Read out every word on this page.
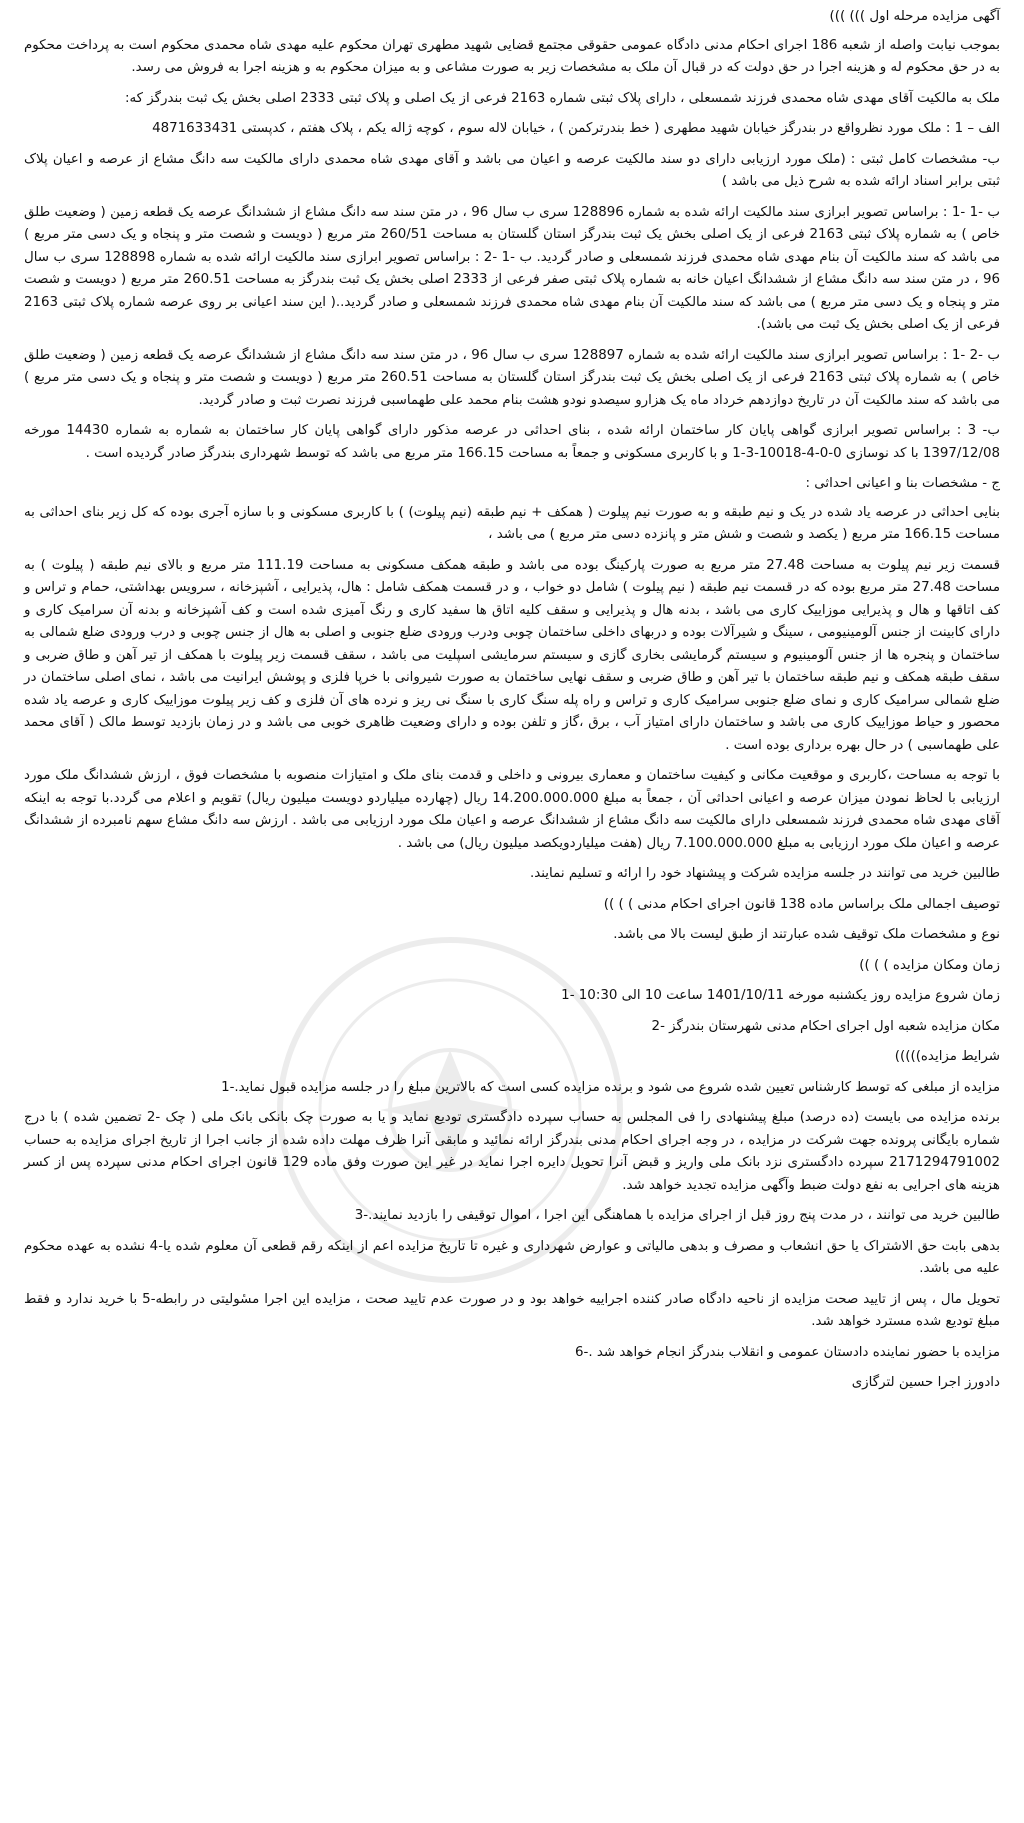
آگهی مزایده مرحله اول ))) )))

بموجب نیابت واصله از شعبه 186 اجرای احکام مدنی دادگاه عمومی حقوقی مجتمع قضایی شهید مطهری تهران محکوم علیه مهدی شاه محمدی محکوم است به پرداخت محکوم به در حق محکوم له و هزینه اجرا در حق دولت که در قبال آن ملک به مشخصات زیر به صورت مشاعی و به میزان محکوم به و هزینه اجرا به فروش می رسد.

ملک به مالکیت آقای مهدی شاه محمدی فرزند شمسعلی ، دارای پلاک ثبتی شماره 2163 فرعی از یک اصلی و پلاک ثبتی 2333 اصلی بخش یک ثبت بندرگز که:

الف – 1 : ملک مورد نظرواقع در بندرگز خیابان شهید مطهری ( خط بندرترکمن ) ، خیابان لاله سوم ، کوچه ژاله یکم ، پلاک هفتم ، کدپستی 4871633431

ب- مشخصات کامل ثبتی : (ملک مورد ارزیابی دارای دو سند مالکیت عرصه و اعیان می باشد و آقای مهدی شاه محمدی دارای مالکیت سه دانگ مشاع از عرصه و اعیان پلاک ثبتی برابر اسناد ارائه شده به شرح ذیل می باشد )

ب -1 -1 : براساس تصویر ابرازی سند مالکیت ارائه شده به شماره 128896 سری ب سال 96 ، در متن سند سه دانگ مشاع از ششدانگ عرصه یک قطعه زمین ( وضعیت طلق خاص ) به شماره پلاک ثبتی 2163 فرعی از یک اصلی بخش یک ثبت بندرگز استان گلستان به مساحت 260/51 متر مربع ( دویست و شصت متر و پنجاه و یک دسی متر مربع ) می باشد که سند مالکیت آن بنام مهدی شاه محمدی فرزند شمسعلی و صادر گردید. ب -1 -2 : براساس تصویر ابرازی سند مالکیت ارائه شده به شماره 128898 سری ب سال 96 ، در متن سند سه دانگ مشاع از ششدانگ اعیان خانه به شماره پلاک ثبتی صفر فرعی از 2333 اصلی بخش یک ثبت بندرگز به مساحت 260.51 متر مربع ( دویست و شصت متر و پنجاه و یک دسی متر مربع ) می باشد که سند مالکیت آن بنام مهدی شاه محمدی فرزند شمسعلی و صادر گردید..( این سند اعیانی بر روی عرصه شماره پلاک ثبتی 2163 فرعی از یک اصلی بخش یک ثبت می باشد).

ب -2 -1 : براساس تصویر ابرازی سند مالکیت ارائه شده به شماره 128897 سری ب سال 96 ، در متن سند سه دانگ مشاع از ششدانگ عرصه یک قطعه زمین ( وضعیت طلق خاص ) به شماره پلاک ثبتی 2163 فرعی از یک اصلی بخش یک ثبت بندرگز استان گلستان به مساحت 260.51 متر مربع ( دویست و شصت متر و پنجاه و یک دسی متر مربع ) می باشد که سند مالکیت آن در تاریخ دوازدهم خرداد ماه یک هزارو سیصدو نودو هشت بنام محمد علی طهماسبی فرزند نصرت ثبت و صادر گردید.

ب- 3 : براساس تصویر ابرازی گواهی پایان کار ساختمان ارائه شده ، بنای احداثی در عرصه مذکور دارای گواهی پایان کار ساختمان به شماره به شماره 14430 مورخه 1397/12/08 با کد نوسازی 0-0-4-10018-3-1 و با کاربری مسکونی و جمعاً به مساحت 166.15 متر مربع می باشد که توسط شهرداری بندرگز صادر گردیده است .

ج - مشخصات بنا و اعیانی احداثی :

بنایی احداثی در عرصه یاد شده در یک و نیم طبقه و به صورت نیم پیلوت ( همکف + نیم طبقه (نیم پیلوت) ) با کاربری مسکونی و با سازه آجری بوده که کل زیر بنای احداثی به مساحت 166.15 متر مربع ( یکصد و شصت و شش متر و پانزده دسی متر مربع ) می باشد ،

قسمت زیر نیم پیلوت به مساحت 27.48 متر مربع به صورت پارکینگ بوده می باشد و طبقه همکف مسکونی به مساحت 111.19 متر مربع و بالای نیم طبقه ( پیلوت ) به مساحت 27.48 متر مربع بوده که در قسمت نیم طبقه ( نیم پیلوت ) شامل دو خواب ، و در قسمت همکف شامل : هال، پذیرایی ، آشپزخانه ، سرویس بهداشتی، حمام و تراس و کف اتاقها و هال و پذیرایی موزاییک کاری می باشد ، بدنه هال و پذیرایی و سقف کلیه اتاق ها سفید کاری و رنگ آمیزی شده است و کف آشپزخانه و بدنه آن سرامیک کاری و دارای کابینت از جنس آلومینیومی ، سینگ و شیرآلات بوده و دربهای داخلی ساختمان چوبی ودرب ورودی ضلع جنوبی و اصلی به هال از جنس چوبی و درب ورودی ضلع شمالی به ساختمان و پنجره ها از جنس آلومینیوم و سیستم گرمایشی بخاری گازی و سیستم سرمایشی اسپلیت می باشد ، سقف قسمت زیر پیلوت با همکف از تیر آهن و طاق ضربی و سقف طبقه همکف و نیم طبقه ساختمان با تیر آهن و طاق ضربی و سقف نهایی ساختمان به صورت شیروانی با خرپا فلزی و پوشش ایرانیت می باشد ، نمای اصلی ساختمان در ضلع شمالی سرامیک کاری و نمای ضلع جنوبی سرامیک کاری و تراس و راه پله سنگ کاری با سنگ نی ریز و نرده های آن فلزی و کف زیر پیلوت موزاییک کاری و عرصه یاد شده محصور و حیاط موزاییک کاری می باشد و ساختمان دارای امتیاز آب ، برق ،گاز و تلفن بوده و دارای وضعیت ظاهری خوبی می باشد و در زمان بازدید توسط مالک ( آقای محمد علی طهماسبی ) در حال بهره برداری بوده است .

با توجه به مساحت ،کاربری و موقعیت مکانی و کیفیت ساختمان و معماری بیرونی و داخلی و قدمت بنای ملک و امتیازات منصوبه با مشخصات فوق ، ارزش ششدانگ ملک مورد ارزیابی با لحاظ نمودن میزان عرصه و اعیانی احداثی آن ، جمعاً به مبلغ 14.200.000.000 ریال (چهارده میلیاردو دویست میلیون ریال) تقویم و اعلام می گردد.با توجه به اینکه آقای مهدی شاه محمدی فرزند شمسعلی دارای مالکیت سه دانگ مشاع از ششدانگ عرصه و اعیان ملک مورد ارزیابی می باشد . ارزش سه دانگ مشاع سهم نامبرده از ششدانگ عرصه و اعیان ملک مورد ارزیابی به مبلغ 7.100.000.000 ریال (هفت میلیاردویکصد میلیون ریال) می باشد .

طالبین خرید می توانند در جلسه مزایده شرکت و پیشنهاد خود را ارائه و تسلیم نمایند.

توصیف اجمالی ملک براساس ماده 138 قانون اجرای احکام مدنی ) ) ))

نوع و مشخصات ملک توقیف شده عبارتند از طبق لیست بالا می باشد.

زمان ومکان مزایده ) ) ))

زمان شروع مزایده روز یکشنبه مورخه 1401/10/11 ساعت 10 الی 10:30 -1

مکان مزایده شعبه اول اجرای احکام مدنی شهرستان بندرگز -2

شرایط مزایده)))))

مزایده از مبلغی که توسط کارشناس تعیین شده شروع می شود و برنده مزایده کسی است که بالاترین مبلغ را در جلسه مزایده قبول نماید.-1

برنده مزایده می بایست (ده درصد) مبلغ پیشنهادی را فی المجلس به حساب سپرده دادگستری تودیع نماید و یا به صورت چک بانکی بانک ملی ( چک -2 تضمین شده ) با درج شماره بایگانی پرونده جهت شرکت در مزایده ، در وجه اجرای احکام مدنی بندرگز ارائه نمائید و مابقی آنرا ظرف مهلت داده شده از جانب اجرا از تاریخ اجرای مزایده به حساب 2171294791002 سپرده دادگستری نزد بانک ملی واریز و قبض آنرا تحویل دایره اجرا نماید در غیر این صورت وفق ماده 129 قانون اجرای احکام مدنی سپرده پس از کسر هزینه های اجرایی به نفع دولت ضبط وآگهی مزایده تجدید خواهد شد.

طالبین خرید می توانند ، در مدت پنج روز قبل از اجرای مزایده با هماهنگی این اجرا ، اموال توقیفی را بازدید نمایند.-3

بدهی بابت حق الاشتراک یا حق انشعاب و مصرف و بدهی مالیاتی و عوارض شهرداری و غیره تا تاریخ مزایده اعم از اینکه رقم قطعی آن معلوم شده یا-4 نشده به عهده محکوم علیه می باشد.

تحویل مال ، پس از تایید صحت مزایده از ناحیه دادگاه صادر کننده اجراییه خواهد بود و در صورت عدم تایید صحت ، مزایده این اجرا مسٔولیتی در رابطه-5 با خرید ندارد و فقط مبلغ تودیع شده مسترد خواهد شد.

مزایده با حضور نماینده دادستان عمومی و انقلاب بندرگز انجام خواهد شد .-6

دادورز اجرا حسین لترگازی
